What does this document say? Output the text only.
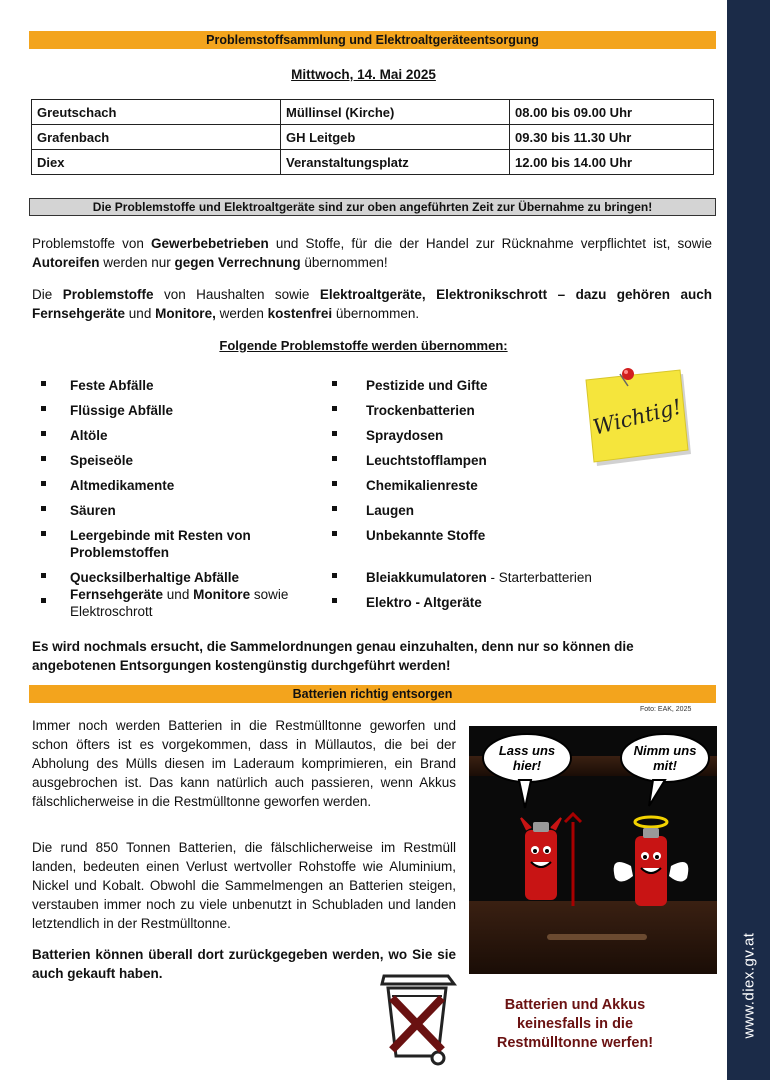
www.diex.gv.at
Problemstoffsammlung und Elektroaltgeräteentsorgung
Mittwoch, 14. Mai 2025
Greutschach	Müllinsel (Kirche)	08.00 bis 09.00 Uhr
Grafenbach	GH Leitgeb	09.30 bis 11.30 Uhr
Diex	Veranstaltungsplatz	12.00 bis 14.00 Uhr
Die Problemstoffe und Elektroaltgeräte sind zur oben angeführten Zeit zur Übernahme zu bringen!
Problemstoffe von Gewerbebetrieben und Stoffe, für die der Handel zur Rücknahme verpflichtet ist, sowie Autoreifen werden nur gegen Verrechnung übernommen!
Die Problemstoffe von Haushalten sowie Elektroaltgeräte, Elektronikschrott – dazu gehören auch Fernsehgeräte und Monitore, werden kostenfrei übernommen.
Folgende Problemstoffe werden übernommen:
Feste Abfälle
Flüssige Abfälle
Altöle
Speiseöle
Altmedikamente
Säuren
Leergebinde mit Resten von Problemstoffen
Quecksilberhaltige Abfälle
Fernsehgeräte und Monitore sowie Elektroschrott
Pestizide und Gifte
Trockenbatterien
Spraydosen
Leuchtstofflampen
Chemikalienreste
Laugen
Unbekannte Stoffe
Bleiakkumulatoren - Starterbatterien
Elektro - Altgeräte
Wichtig!
Es wird nochmals ersucht, die Sammelordnungen genau einzuhalten, denn nur so können die angebotenen Entsorgungen kostengünstig durchgeführt werden!
Batterien richtig entsorgen
Foto: EAK, 2025
Lass uns
hier!
Nimm uns
mit!
Immer noch werden Batterien in die Restmülltonne geworfen und schon öfters ist es vorgekommen, dass in Müllautos, die bei der Abholung des Mülls diesen im Laderaum komprimieren, ein Brand ausgebrochen ist. Das kann natürlich auch passieren, wenn Akkus fälschlicherweise in die Restmülltonne geworfen werden.
Die rund 850 Tonnen Batterien, die fälschlicherweise im Restmüll landen, bedeuten einen Verlust wertvoller Rohstoffe wie Aluminium, Nickel und Kobalt. Obwohl die Sammelmengen an Batterien steigen, verstauben immer noch zu viele unbenutzt in Schubladen und landen letztendlich in der Restmülltonne.
Batterien können überall dort zurückgegeben werden, wo Sie sie auch gekauft haben.
Batterien und Akkus
keinesfalls in die
Restmülltonne werfen!
